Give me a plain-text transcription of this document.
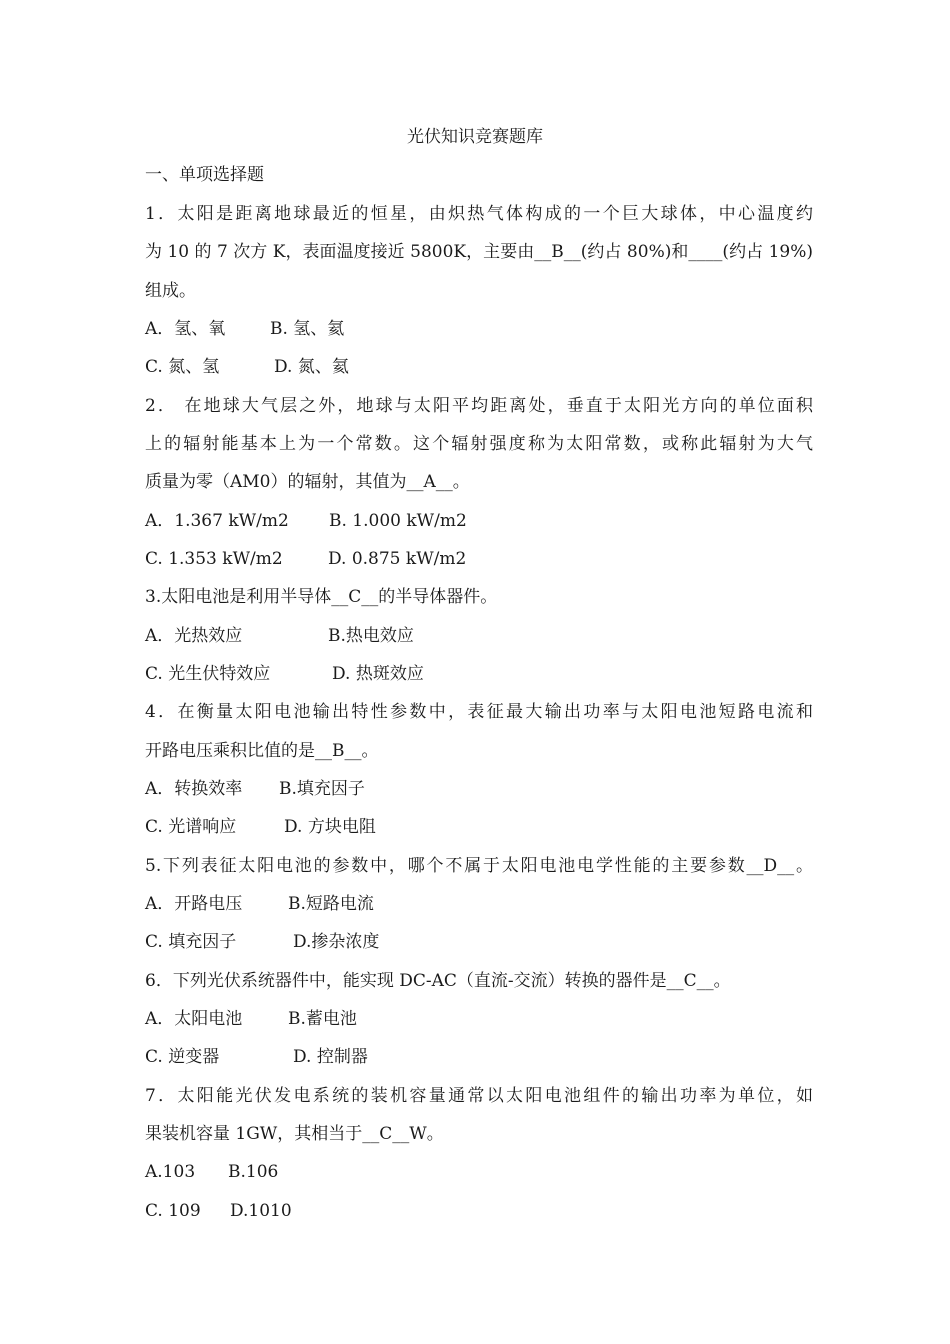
光伏知识竞赛题库
一、单项选择题
1．太阳是距离地球最近的恒星，由炽热气体构成的一个巨大球体，中心温度约
为 10 的 7 次方 K，表面温度接近 5800K，主要由__B__(约占 80%)和____(约占 19%)
组成。
A．氢、氧	B. 氢、氦
C. 氮、氢	D. 氮、氦
2． 在地球大气层之外，地球与太阳平均距离处，垂直于太阳光方向的单位面积
上的辐射能基本上为一个常数。这个辐射强度称为太阳常数，或称此辐射为大气
质量为零（AM0）的辐射，其值为__A__。
A．1.367 kW/m2 B. 1.000 kW/m2
C. 1.353 kW/m2	D. 0.875 kW/m2
3.太阳电池是利用半导体__C__的半导体器件。
A．光热效应	B.热电效应
C. 光生伏特效应	D. 热斑效应
4．在衡量太阳电池输出特性参数中，表征最大输出功率与太阳电池短路电流和
开路电压乘积比值的是__B__。
A．转换效率 B.填充因子
C. 光谱响应	D. 方块电阻
5.下列表征太阳电池的参数中，哪个不属于太阳电池电学性能的主要参数__D__。
A．开路电压	B.短路电流
C. 填充因子	D.掺杂浓度
6．下列光伏系统器件中，能实现 DC-AC（直流-交流）转换的器件是__C__。
A．太阳电池	B.蓄电池
C. 逆变器	D. 控制器
7．太阳能光伏发电系统的装机容量通常以太阳电池组件的输出功率为单位，如
果装机容量 1GW，其相当于__C__W。
A.103 B.106
C. 109 D.1010
